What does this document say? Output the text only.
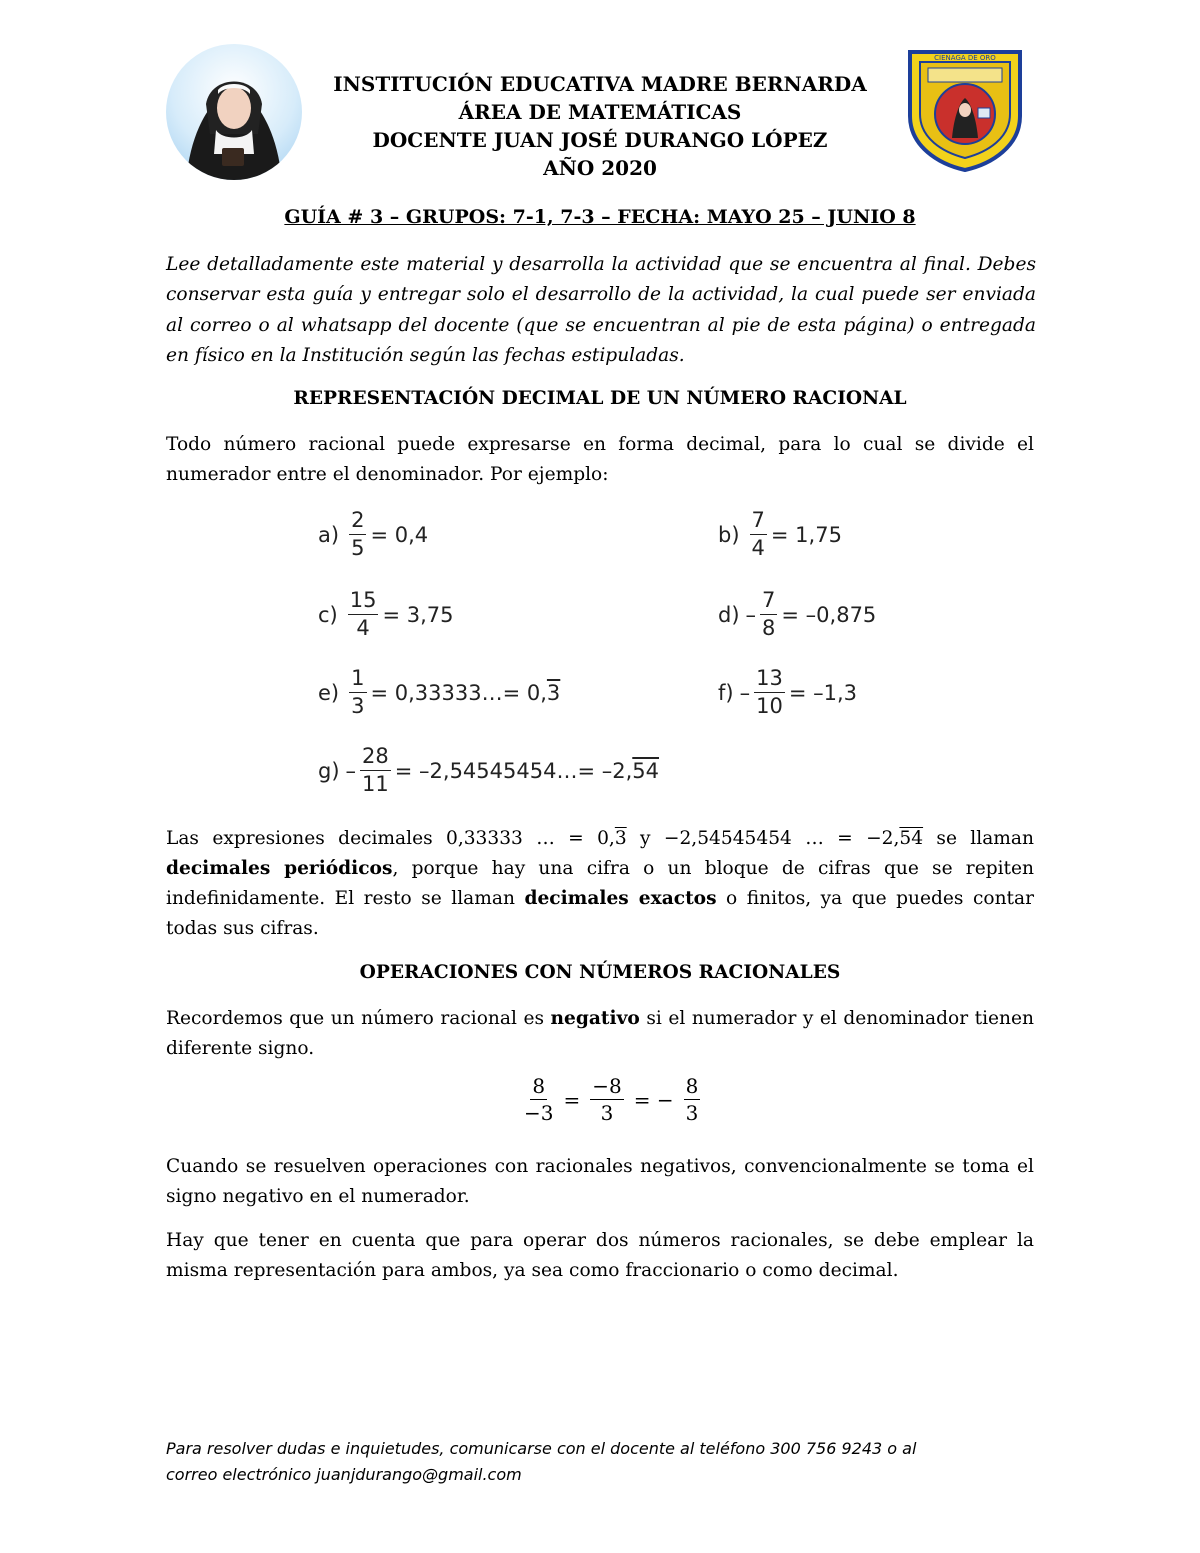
CIENAGA DE ORO
INSTITUCIÓN EDUCATIVA MADRE BERNARDA
ÁREA DE MATEMÁTICAS
DOCENTE JUAN JOSÉ DURANGO LÓPEZ
AÑO 2020
GUÍA # 3 – GRUPOS: 7-1, 7-3 – FECHA: MAYO 25 – JUNIO 8
Lee detalladamente este material y desarrolla la actividad que se encuentra al final. Debes conservar esta guía y entregar solo el desarrollo de la actividad, la cual puede ser enviada al correo o al whatsapp del docente (que se encuentran al pie de esta página) o entregada en físico en la Institución según las fechas estipuladas.
REPRESENTACIÓN DECIMAL DE UN NÚMERO RACIONAL
Todo número racional puede expresarse en forma decimal, para lo cual se divide el numerador entre el denominador. Por ejemplo:
$a) \frac{2}{5} = 0,4$	$b) \frac{7}{4} = 1,75$
$c) \frac{15}{4} = 3,75$	$d) - \frac{7}{8} = -0,875$
$e) \frac{1}{3}$ = 0,33333…= 0, 3	$f) - \frac{13}{10} = -1,3$
$g) - \frac{28}{11}$ = –2,54545454…= –2, 54
Las expresiones decimales 0,33333 … = 0,3 y −2,54545454 … = −2,54 se llaman decimales periódicos, porque hay una cifra o un bloque de cifras que se repiten indefinidamente. El resto se llaman decimales exactos o finitos, ya que puedes contar todas sus cifras.
OPERACIONES CON NÚMEROS RACIONALES
Recordemos que un número racional es negativo si el numerador y el denominador tienen diferente signo.
$\frac{8}{-3} = \frac{-8}{3}$ = − $\frac{8}{3}$
Cuando se resuelven operaciones con racionales negativos, convencionalmente se toma el signo negativo en el numerador.
Hay que tener en cuenta que para operar dos números racionales, se debe emplear la misma representación para ambos, ya sea como fraccionario o como decimal.
Para resolver dudas e inquietudes, comunicarse con el docente al teléfono 300 756 9243 o al
correo electrónico juanjdurango@gmail.com
